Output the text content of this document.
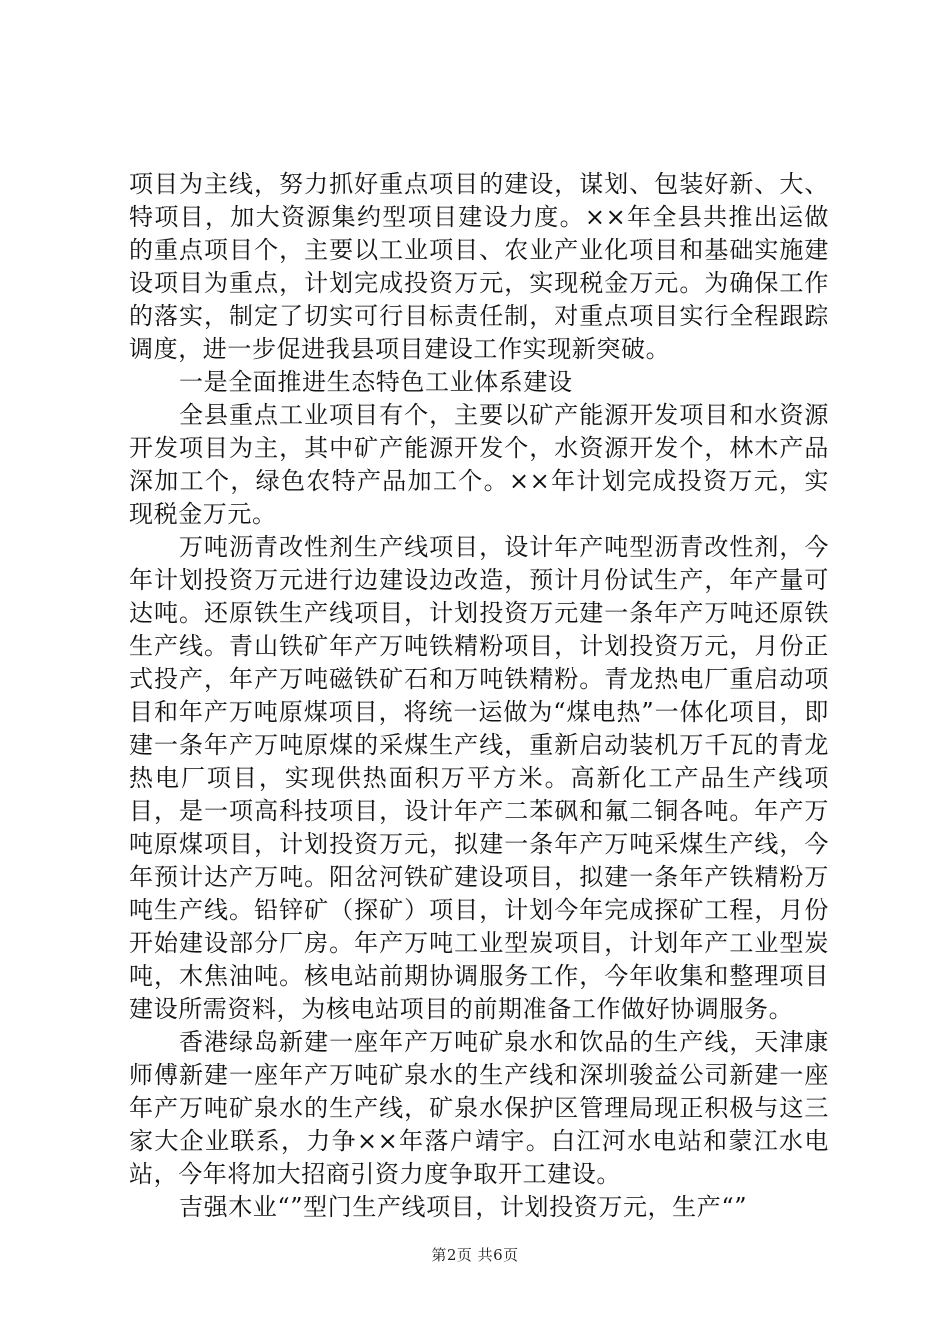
项目为主线，努力抓好重点项目的建设，谋划、包装好新、大、特项目，加大资源集约型项目建设力度。××年全县共推出运做的重点项目个，主要以工业项目、农业产业化项目和基础实施建设项目为重点，计划完成投资万元，实现税金万元。为确保工作的落实，制定了切实可行目标责任制，对重点项目实行全程跟踪调度，进一步促进我县项目建设工作实现新突破。

一是全面推进生态特色工业体系建设

全县重点工业项目有个，主要以矿产能源开发项目和水资源开发项目为主，其中矿产能源开发个，水资源开发个，林木产品深加工个，绿色农特产品加工个。××年计划完成投资万元，实现税金万元。

万吨沥青改性剂生产线项目，设计年产吨型沥青改性剂，今年计划投资万元进行边建设边改造，预计月份试生产，年产量可达吨。还原铁生产线项目，计划投资万元建一条年产万吨还原铁生产线。青山铁矿年产万吨铁精粉项目，计划投资万元，月份正式投产，年产万吨磁铁矿石和万吨铁精粉。青龙热电厂重启动项目和年产万吨原煤项目，将统一运做为“煤电热”一体化项目，即建一条年产万吨原煤的采煤生产线，重新启动装机万千瓦的青龙热电厂项目，实现供热面积万平方米。高新化工产品生产线项目，是一项高科技项目，设计年产二苯砜和氟二铜各吨。年产万吨原煤项目，计划投资万元，拟建一条年产万吨采煤生产线，今年预计达产万吨。阳岔河铁矿建设项目，拟建一条年产铁精粉万吨生产线。铅锌矿（探矿）项目，计划今年完成探矿工程，月份开始建设部分厂房。年产万吨工业型炭项目，计划年产工业型炭吨，木焦油吨。核电站前期协调服务工作，今年收集和整理项目建设所需资料，为核电站项目的前期准备工作做好协调服务。

香港绿岛新建一座年产万吨矿泉水和饮品的生产线，天津康师傅新建一座年产万吨矿泉水的生产线和深圳骏益公司新建一座年产万吨矿泉水的生产线，矿泉水保护区管理局现正积极与这三家大企业联系，力争××年落户靖宇。白江河水电站和蒙江水电站，今年将加大招商引资力度争取开工建设。

吉强木业“”型门生产线项目，计划投资万元，生产“”

第2页 共6页
